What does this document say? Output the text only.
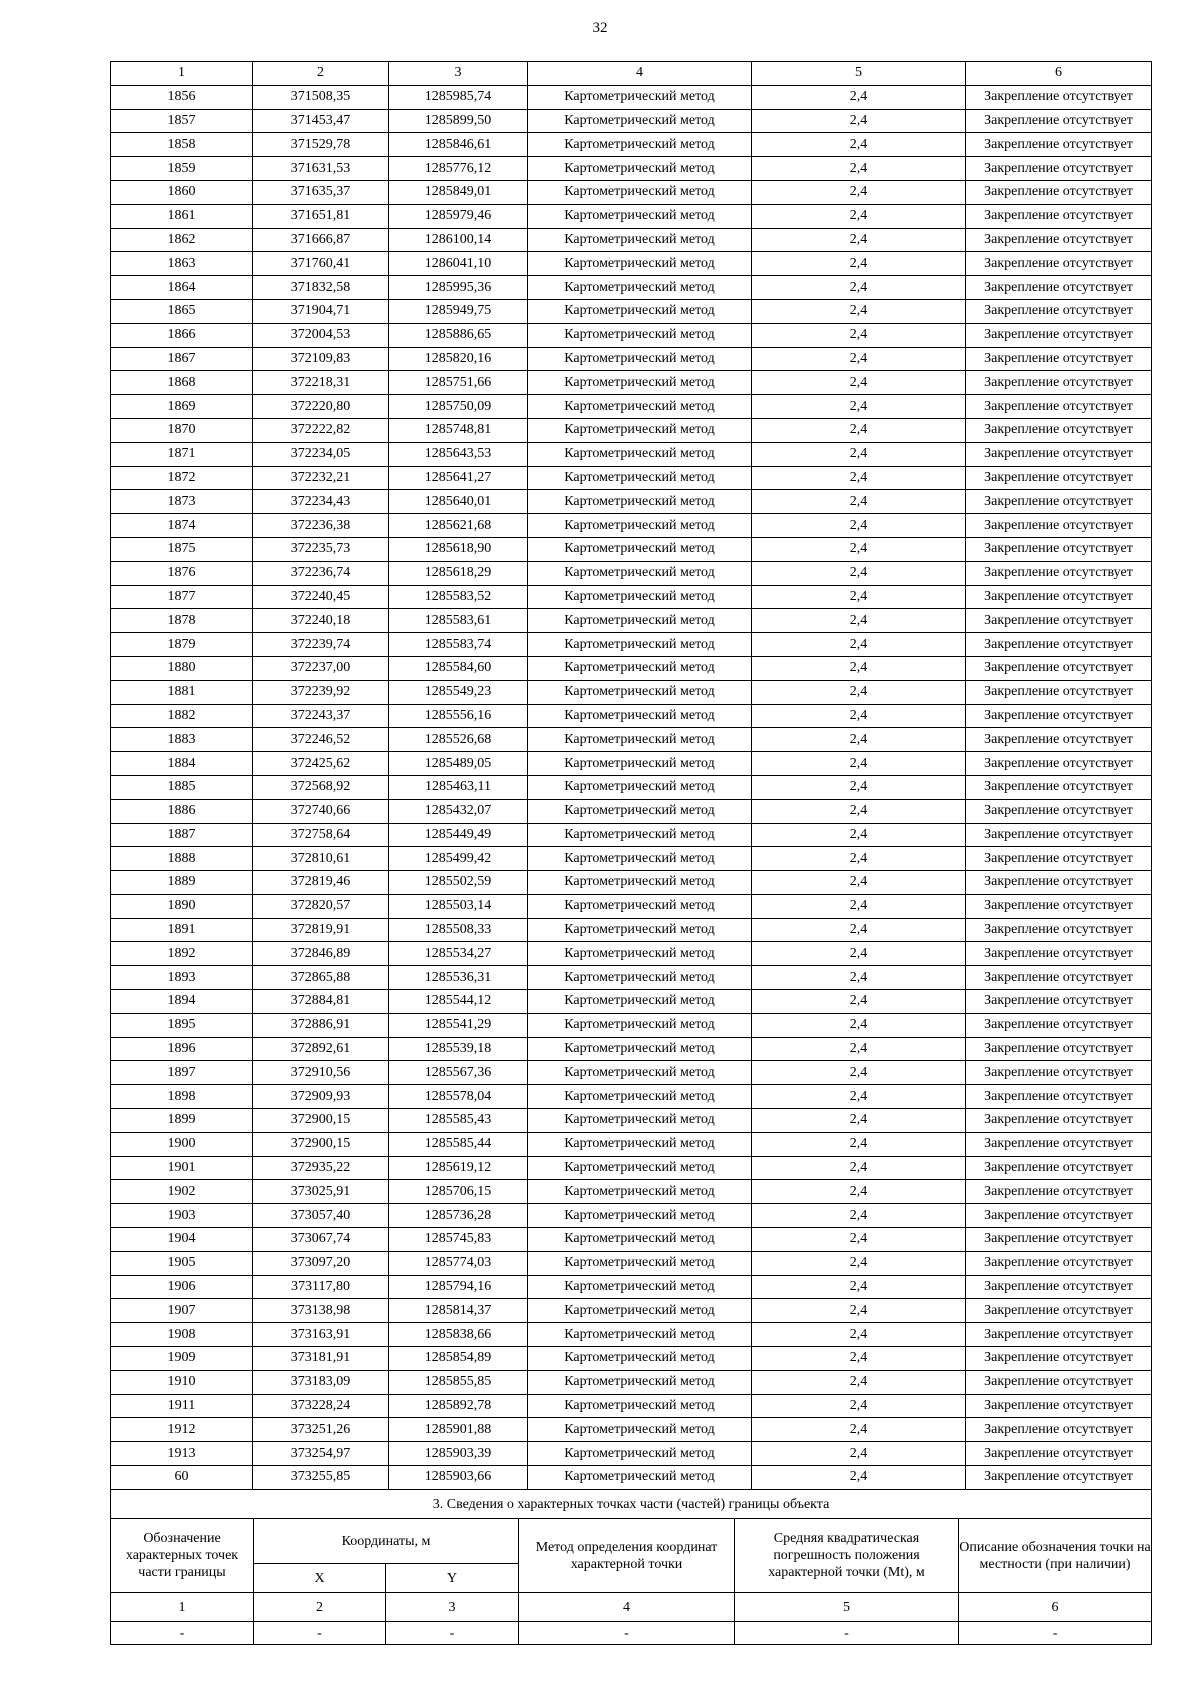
32
1	2	3	4	5	6
1856	371508,35	1285985,74	Картометрический метод	2,4	Закрепление отсутствует
1857	371453,47	1285899,50	Картометрический метод	2,4	Закрепление отсутствует
1858	371529,78	1285846,61	Картометрический метод	2,4	Закрепление отсутствует
1859	371631,53	1285776,12	Картометрический метод	2,4	Закрепление отсутствует
1860	371635,37	1285849,01	Картометрический метод	2,4	Закрепление отсутствует
1861	371651,81	1285979,46	Картометрический метод	2,4	Закрепление отсутствует
1862	371666,87	1286100,14	Картометрический метод	2,4	Закрепление отсутствует
1863	371760,41	1286041,10	Картометрический метод	2,4	Закрепление отсутствует
1864	371832,58	1285995,36	Картометрический метод	2,4	Закрепление отсутствует
1865	371904,71	1285949,75	Картометрический метод	2,4	Закрепление отсутствует
1866	372004,53	1285886,65	Картометрический метод	2,4	Закрепление отсутствует
1867	372109,83	1285820,16	Картометрический метод	2,4	Закрепление отсутствует
1868	372218,31	1285751,66	Картометрический метод	2,4	Закрепление отсутствует
1869	372220,80	1285750,09	Картометрический метод	2,4	Закрепление отсутствует
1870	372222,82	1285748,81	Картометрический метод	2,4	Закрепление отсутствует
1871	372234,05	1285643,53	Картометрический метод	2,4	Закрепление отсутствует
1872	372232,21	1285641,27	Картометрический метод	2,4	Закрепление отсутствует
1873	372234,43	1285640,01	Картометрический метод	2,4	Закрепление отсутствует
1874	372236,38	1285621,68	Картометрический метод	2,4	Закрепление отсутствует
1875	372235,73	1285618,90	Картометрический метод	2,4	Закрепление отсутствует
1876	372236,74	1285618,29	Картометрический метод	2,4	Закрепление отсутствует
1877	372240,45	1285583,52	Картометрический метод	2,4	Закрепление отсутствует
1878	372240,18	1285583,61	Картометрический метод	2,4	Закрепление отсутствует
1879	372239,74	1285583,74	Картометрический метод	2,4	Закрепление отсутствует
1880	372237,00	1285584,60	Картометрический метод	2,4	Закрепление отсутствует
1881	372239,92	1285549,23	Картометрический метод	2,4	Закрепление отсутствует
1882	372243,37	1285556,16	Картометрический метод	2,4	Закрепление отсутствует
1883	372246,52	1285526,68	Картометрический метод	2,4	Закрепление отсутствует
1884	372425,62	1285489,05	Картометрический метод	2,4	Закрепление отсутствует
1885	372568,92	1285463,11	Картометрический метод	2,4	Закрепление отсутствует
1886	372740,66	1285432,07	Картометрический метод	2,4	Закрепление отсутствует
1887	372758,64	1285449,49	Картометрический метод	2,4	Закрепление отсутствует
1888	372810,61	1285499,42	Картометрический метод	2,4	Закрепление отсутствует
1889	372819,46	1285502,59	Картометрический метод	2,4	Закрепление отсутствует
1890	372820,57	1285503,14	Картометрический метод	2,4	Закрепление отсутствует
1891	372819,91	1285508,33	Картометрический метод	2,4	Закрепление отсутствует
1892	372846,89	1285534,27	Картометрический метод	2,4	Закрепление отсутствует
1893	372865,88	1285536,31	Картометрический метод	2,4	Закрепление отсутствует
1894	372884,81	1285544,12	Картометрический метод	2,4	Закрепление отсутствует
1895	372886,91	1285541,29	Картометрический метод	2,4	Закрепление отсутствует
1896	372892,61	1285539,18	Картометрический метод	2,4	Закрепление отсутствует
1897	372910,56	1285567,36	Картометрический метод	2,4	Закрепление отсутствует
1898	372909,93	1285578,04	Картометрический метод	2,4	Закрепление отсутствует
1899	372900,15	1285585,43	Картометрический метод	2,4	Закрепление отсутствует
1900	372900,15	1285585,44	Картометрический метод	2,4	Закрепление отсутствует
1901	372935,22	1285619,12	Картометрический метод	2,4	Закрепление отсутствует
1902	373025,91	1285706,15	Картометрический метод	2,4	Закрепление отсутствует
1903	373057,40	1285736,28	Картометрический метод	2,4	Закрепление отсутствует
1904	373067,74	1285745,83	Картометрический метод	2,4	Закрепление отсутствует
1905	373097,20	1285774,03	Картометрический метод	2,4	Закрепление отсутствует
1906	373117,80	1285794,16	Картометрический метод	2,4	Закрепление отсутствует
1907	373138,98	1285814,37	Картометрический метод	2,4	Закрепление отсутствует
1908	373163,91	1285838,66	Картометрический метод	2,4	Закрепление отсутствует
1909	373181,91	1285854,89	Картометрический метод	2,4	Закрепление отсутствует
1910	373183,09	1285855,85	Картометрический метод	2,4	Закрепление отсутствует
1911	373228,24	1285892,78	Картометрический метод	2,4	Закрепление отсутствует
1912	373251,26	1285901,88	Картометрический метод	2,4	Закрепление отсутствует
1913	373254,97	1285903,39	Картометрический метод	2,4	Закрепление отсутствует
60	373255,85	1285903,66	Картометрический метод	2,4	Закрепление отсутствует
3. Сведения о характерных точках части (частей) границы объекта					
Обозначение характерных точек части границы	Координаты, м		Метод определения координат характерной точки	Средняя квадратическая погрешность положения характерной точки (Mt), м	Описание обозначения точки на местности (при наличии)
	X	Y			
1	2	3	4	5	6
-	-	-	-	-	-
